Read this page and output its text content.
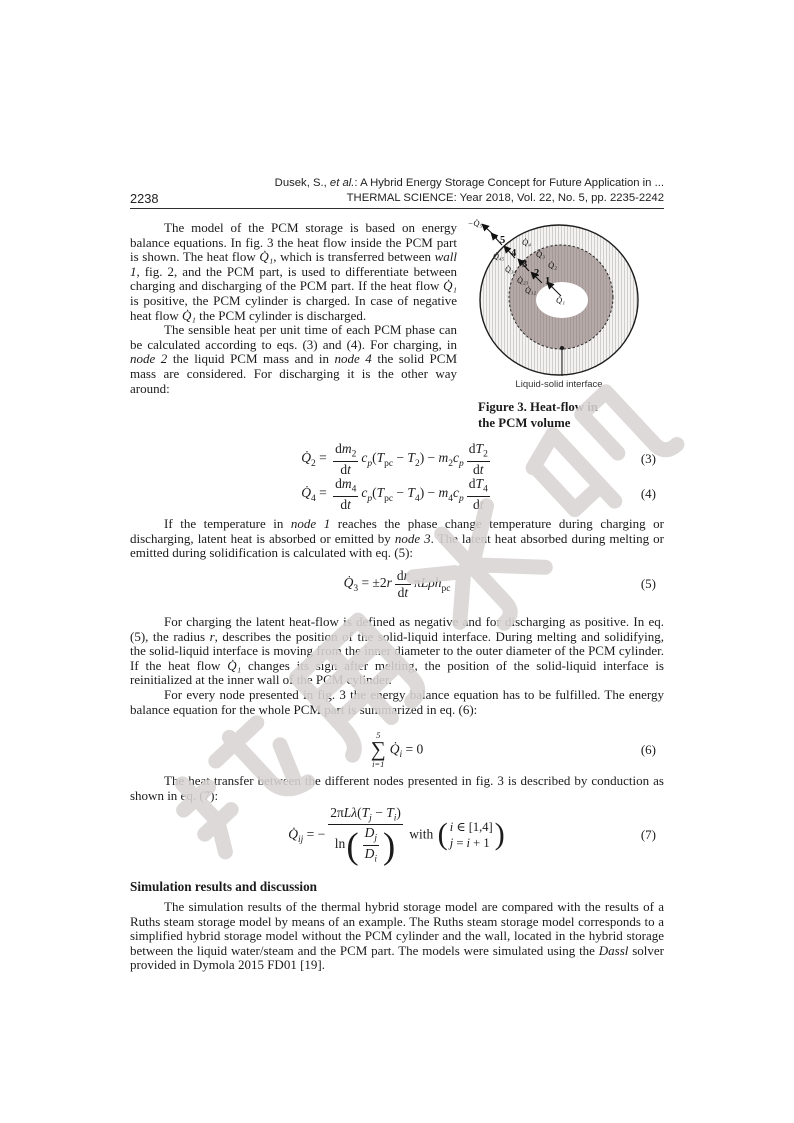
Dusek, S., et al.: A Hybrid Energy Storage Concept for Future Application in ...
THERMAL SCIENCE: Year 2018, Vol. 22, No. 5, pp. 2235-2242
2238

The model of the PCM storage is based on energy balance equations. In fig. 3 the heat flow inside the PCM part is shown. The heat flow Q̇₁, which is transferred between wall 1, fig. 2, and the PCM part, is used to differentiate between charging and discharging of the PCM part. If the heat flow Q̇₁ is positive, the PCM cylinder is charged. In case of negative heat flow Q̇₁ the PCM cylinder is discharged.

The sensible heat per unit time of each PCM phase can be calculated according to eqs. (3) and (4). For charging, in node 2 the liquid PCM mass and in node 4 the solid PCM mass are considered. For discharging it is the other way around:

−Q̇₅
5 Q̇₄
4
Q̇₄₅	Q̇₃
3
Q̇₃₄	Q̇₂
2
Q̇₂₃ 1
Q̇₁₂
Q̇₁
Liquid-solid interface
Figure 3. Heat-flow in
the PCM volume
$Q̇_2 = \frac{dm_2}{dt} c_p(T_{pc} - T_2) - m_2c_p \frac{dT_2}{dt}$	(3)
$Q̇_4 = \frac{dm_4}{dt} c_p(T_{pc} - T_4) - m_4c_p \frac{dT_4}{dt}$	(4)

If the temperature in node 1 reaches the phase change temperature during charging or discharging, latent heat is absorbed or emitted by node 3. The latent heat absorbed during melting or emitted during solidification is calculated with eq. (5):

$Q̇_3 = \pm 2r \frac{dr}{dt} \pi L\rho h_{pc}$	(5)

For charging the latent heat-flow is defined as negative and for discharging as positive. In eq. (5), the radius r, describes the position of the solid-liquid interface. During melting and solidifying, the solid-liquid interface is moving from the inner diameter to the outer diameter of the PCM cylinder. If the heat flow Q̇₁ changes its sign after melting, the position of the solid-liquid interface is reinitialized at the inner wall of the PCM cylinder.

For every node presented in fig. 3 the energy balance equation has to be fulfilled. The energy balance equation for the whole PCM part is summarized in eq. (6):

5
∑
i=1
$Q̇_i = 0$	(6)

The heat transfer between the different nodes presented in fig. 3 is described by conduction as shown in eq. (7):

$Q̇_{ij}$ = − $\frac{2\pi L\lambda(T_j - T_i)}{\ln ( \frac{D_j}{D_i} )}$ with ( i ∈ [1,4]
j = i + 1 )	(7)
Simulation results and discussion

The simulation results of the thermal hybrid storage model are compared with the results of a Ruths steam storage model by means of an example. The Ruths steam storage model corresponds to a simplified hybrid storage model without the PCM cylinder and the wall, located in the hybrid storage between the liquid water/steam and the PCM part. The models were simulated using the Dassl solver provided in Dymola 2015 FD01 [19].
